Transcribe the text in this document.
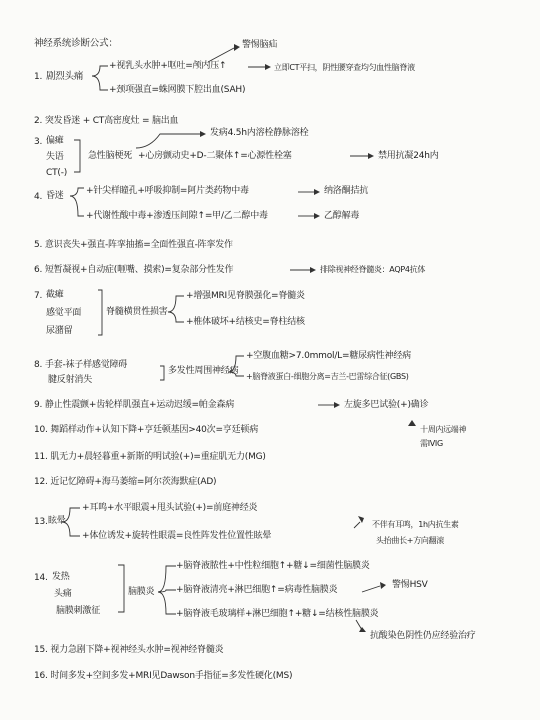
神经系统诊断公式：
1. 剧烈头痛
+视乳头水肿+呕吐=颅内压↑
警惕脑疝
+颈项强直=蛛网膜下腔出血(SAH)
立即CT平扫，阴性腰穿查均匀血性脑脊液
2. 突发昏迷 + CT高密度灶 = 脑出血
3. 偏瘫
失语
CT(-)
发病4.5h内溶栓静脉溶栓
急性脑梗死 +心房颤动史+D-二聚体↑=心源性栓塞	禁用抗凝24h内
4. 昏迷 +针尖样瞳孔+呼吸抑制=阿片类药物中毒	纳洛酮拮抗
+代谢性酸中毒+渗透压间隙↑=甲/乙二醇中毒	乙醇解毒
5. 意识丧失+强直-阵挛抽搐=全面性强直-阵挛发作
6. 短暂凝视+自动症(咂嘴、摸索)=复杂部分性发作	排除视神经脊髓炎：AQP4抗体
7. 截瘫
感觉平面
尿潴留
脊髓横贯性损害
+增强MRI见脊膜强化=脊髓炎
+椎体破坏+结核史=脊柱结核
8. 手套-袜子样感觉障碍
腱反射消失
多发性周围神经病
+空腹血糖>7.0mmol/L=糖尿病性神经病
+脑脊液蛋白-细胞分离=吉兰-巴雷综合征(GBS)
9. 静止性震颤+齿轮样肌强直+运动迟缓=帕金森病	左旋多巴试验(+)确诊
10. 舞蹈样动作+认知下降+亨廷顿基因>40次=亨廷顿病	十周内远端神
需IVIG
11. 肌无力+晨轻暮重+新斯的明试验(+)=重症肌无力(MG)
12. 近记忆障碍+海马萎缩=阿尔茨海默症(AD)
13. 眩晕
+耳鸣+水平眼震+甩头试验(+)=前庭神经炎
+体位诱发+旋转性眼震=良性阵发性位置性眩晕
不伴有耳鸣，1h内抗生素
头抬曲长+方向翻滚
14. 发热
头痛
脑膜刺激征
脑膜炎
+脑脊液脓性+中性粒细胞↑+糖↓=细菌性脑膜炎
+脑脊液清亮+淋巴细胞↑=病毒性脑膜炎	警惕HSV
+脑脊液毛玻璃样+淋巴细胞↑+糖↓=结核性脑膜炎
抗酸染色阴性仍应经验治疗
15. 视力急剧下降+视神经头水肿=视神经脊髓炎
16. 时间多发+空间多发+MRI见Dawson手指征=多发性硬化(MS)
